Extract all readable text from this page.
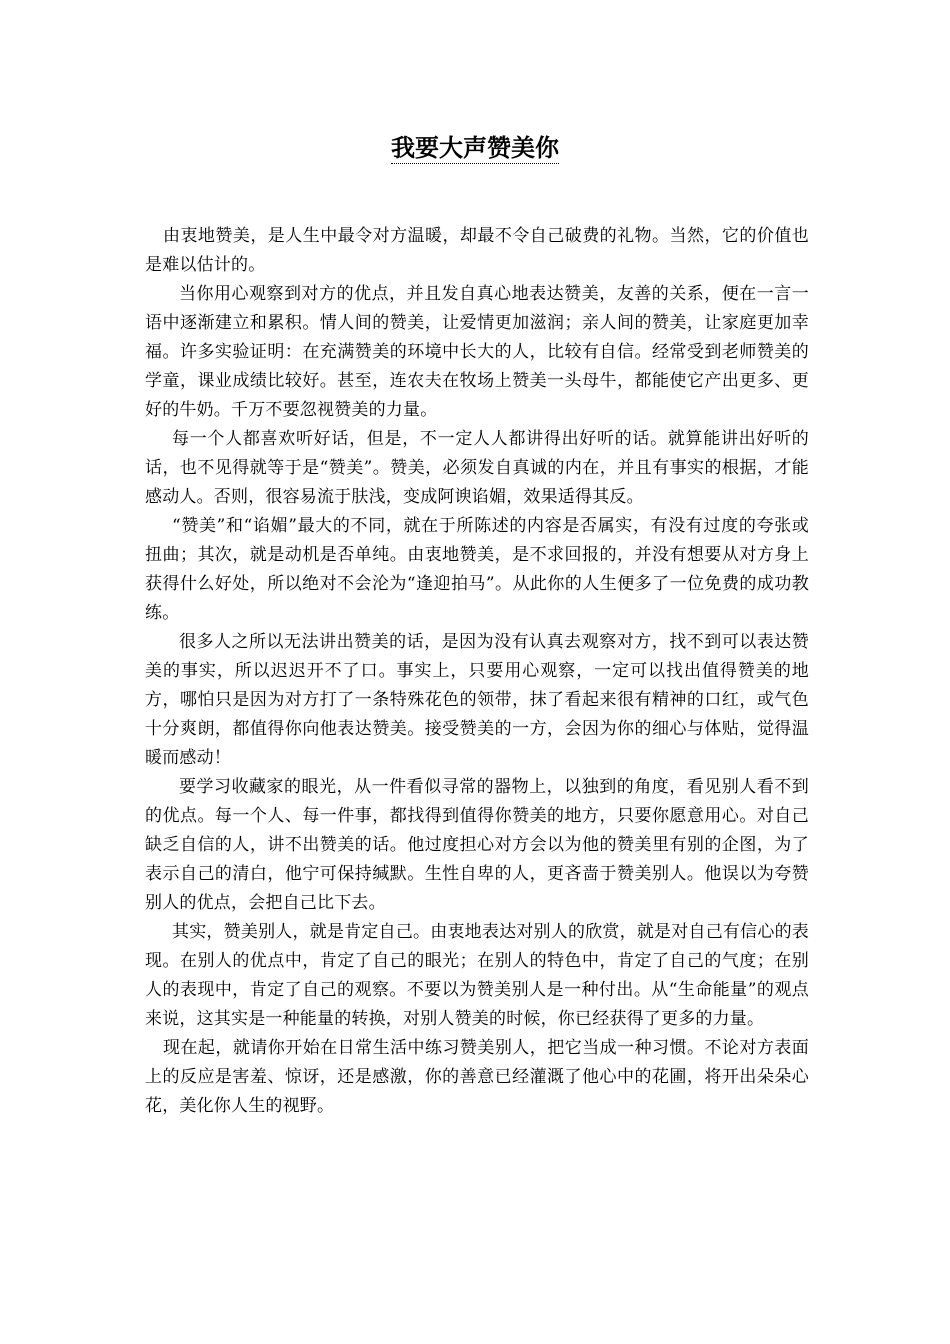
我要大声赞美你

由衷地赞美，是人生中最令对方温暖，却最不令自己破费的礼物。当然，它的价值也是难以估计的。

当你用心观察到对方的优点，并且发自真心地表达赞美，友善的关系，便在一言一语中逐渐建立和累积。情人间的赞美，让爱情更加滋润；亲人间的赞美，让家庭更加幸福。许多实验证明：在充满赞美的环境中长大的人，比较有自信。经常受到老师赞美的学童，课业成绩比较好。甚至，连农夫在牧场上赞美一头母牛，都能使它产出更多、更好的牛奶。千万不要忽视赞美的力量。

每一个人都喜欢听好话，但是，不一定人人都讲得出好听的话。就算能讲出好听的话，也不见得就等于是“赞美”。赞美，必须发自真诚的内在，并且有事实的根据，才能感动人。否则，很容易流于肤浅，变成阿谀谄媚，效果适得其反。

“赞美”和“谄媚”最大的不同，就在于所陈述的内容是否属实，有没有过度的夸张或扭曲；其次，就是动机是否单纯。由衷地赞美，是不求回报的，并没有想要从对方身上获得什么好处，所以绝对不会沦为“逢迎拍马”。从此你的人生便多了一位免费的成功教练。

很多人之所以无法讲出赞美的话，是因为没有认真去观察对方，找不到可以表达赞美的事实，所以迟迟开不了口。事实上，只要用心观察，一定可以找出值得赞美的地方，哪怕只是因为对方打了一条特殊花色的领带，抹了看起来很有精神的口红，或气色十分爽朗，都值得你向他表达赞美。接受赞美的一方，会因为你的细心与体贴，觉得温暖而感动！

要学习收藏家的眼光，从一件看似寻常的器物上，以独到的角度，看见别人看不到的优点。每一个人、每一件事，都找得到值得你赞美的地方，只要你愿意用心。对自己缺乏自信的人，讲不出赞美的话。他过度担心对方会以为他的赞美里有别的企图，为了表示自己的清白，他宁可保持缄默。生性自卑的人，更吝啬于赞美别人。他误以为夸赞别人的优点，会把自己比下去。

其实，赞美别人，就是肯定自己。由衷地表达对别人的欣赏，就是对自己有信心的表现。在别人的优点中，肯定了自己的眼光；在别人的特色中，肯定了自己的气度；在别人的表现中，肯定了自己的观察。不要以为赞美别人是一种付出。从“生命能量”的观点来说，这其实是一种能量的转换，对别人赞美的时候，你已经获得了更多的力量。

现在起，就请你开始在日常生活中练习赞美别人，把它当成一种习惯。不论对方表面上的反应是害羞、惊讶，还是感激，你的善意已经灌溉了他心中的花圃，将开出朵朵心花，美化你人生的视野。
